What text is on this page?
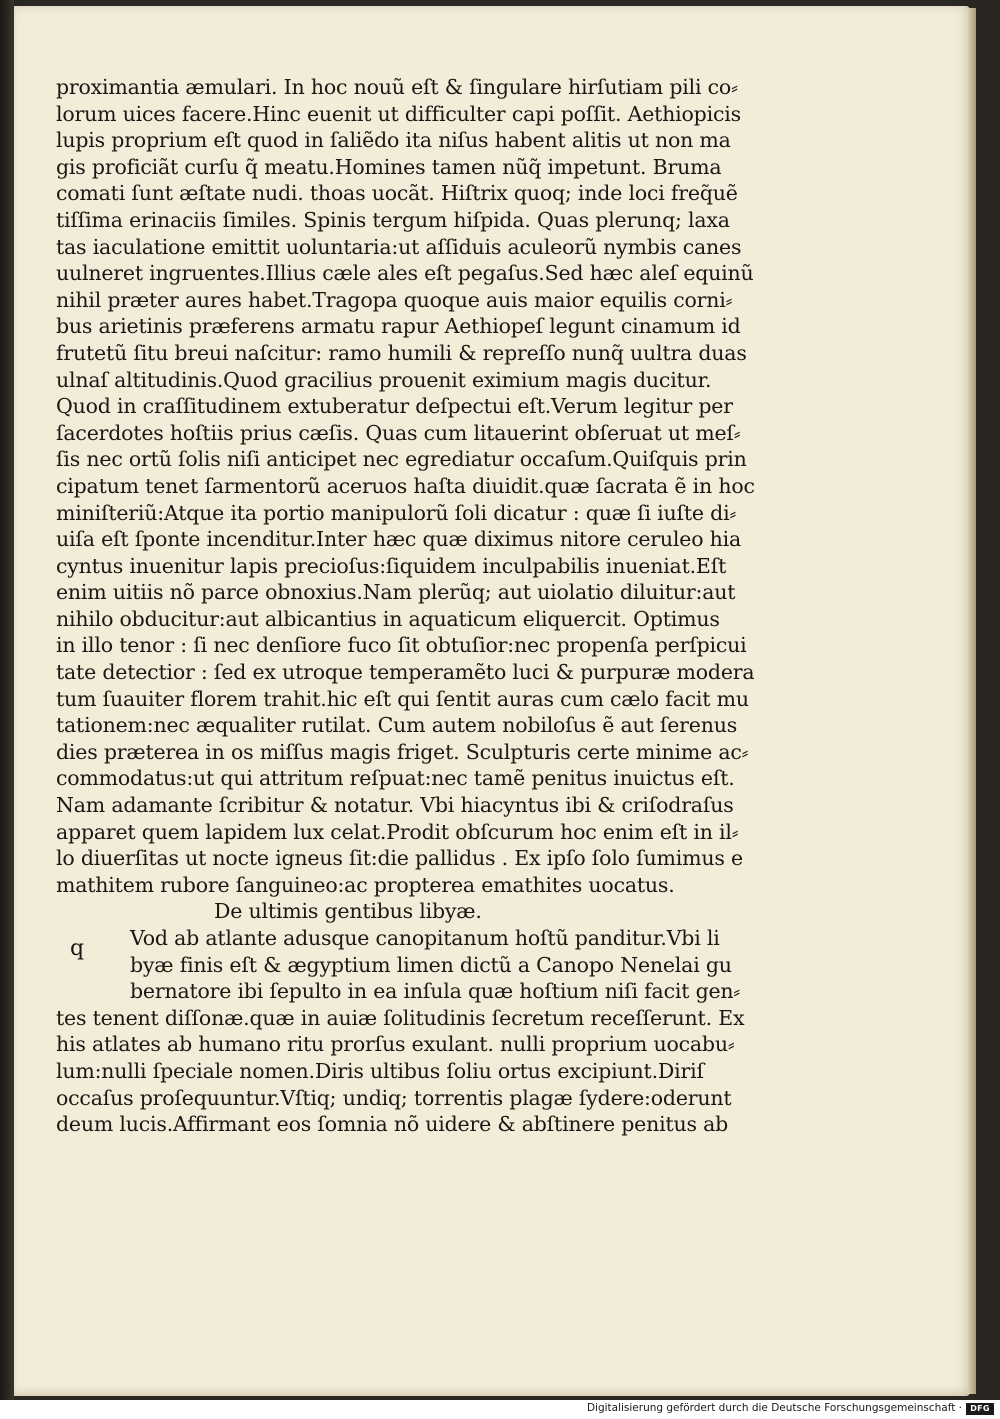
proximantia æmulari. In hoc nouũ eſt & ſingulare hirſutiam pili co⸗
lorum uices facere.Hinc euenit ut difficulter capi poſſit. Aethiopicis
lupis proprium eſt quod in ſaliẽdo ita niſus habent alitis ut non ma
gis proficiãt curſu q̃ meatu.Homines tamen nũq̃ impetunt. Bruma
comati ſunt æſtate nudi. thoas uocãt. Hiſtrix quoq; inde loci freq̃uẽ
tiſſima erinaciis ſimiles. Spinis tergum hiſpida. Quas plerunq; laxa
tas iaculatione emittit uoluntaria:ut aſſiduis aculeorũ nymbis canes
uulneret ingruentes.Illius cæle ales eſt pegaſus.Sed hæc aleſ equinũ
nihil præter aures habet.Tragopa quoque auis maior equilis corni⸗
bus arietinis præferens armatu rapur Aethiopeſ legunt cinamum id
frutetũ ſitu breui naſcitur: ramo humili & repreſſo nunq̃ uultra duas
ulnaſ altitudinis.Quod gracilius prouenit eximium magis ducitur.
Quod in craſſitudinem extuberatur deſpectui eſt.Verum legitur per
ſacerdotes hoſtiis prius cæſis. Quas cum litauerint obſeruat ut meſ⸗
ſis nec ortũ ſolis niſi anticipet nec egrediatur occaſum.Quiſquis prin
cipatum tenet ſarmentorũ aceruos haſta diuidit.quæ ſacrata ẽ in hoc
miniſteriũ:Atque ita portio manipulorũ ſoli dicatur : quæ ſi iuſte di⸗
uiſa eſt ſponte incenditur.Inter hæc quæ diximus nitore ceruleo hia
cyntus inuenitur lapis precioſus:ſiquidem inculpabilis inueniat.Eſt
enim uitiis nõ parce obnoxius.Nam plerũq; aut uiolatio diluitur:aut
nihilo obducitur:aut albicantius in aquaticum eliquercit. Optimus
in illo tenor : ſi nec denſiore fuco ſit obtuſior:nec propenſa perſpicui
tate detectior : ſed ex utroque temperamẽto luci & purpuræ modera
tum ſuauiter florem trahit.hic eſt qui ſentit auras cum cælo facit mu
tationem:nec æqualiter rutilat. Cum autem nobiloſus ẽ aut ſerenus
dies præterea in os miſſus magis friget. Sculpturis certe minime ac⸗
commodatus:ut qui attritum reſpuat:nec tamẽ penitus inuictus eſt.
Nam adamante ſcribitur & notatur. Vbi hiacyntus ibi & criſodraſus
apparet quem lapidem lux celat.Prodit obſcurum hoc enim eſt in il⸗
lo diuerſitas ut nocte igneus ſit:die pallidus . Ex ipſo ſolo ſumimus e
mathitem rubore ſanguineo:ac propterea emathites uocatus.
De ultimis gentibus libyæ.
Vod ab atlante adusque canopitanum hoſtũ panditur.Vbi li
byæ finis eſt & ægyptium limen dictũ a Canopo Nenelai gu
bernatore ibi ſepulto in ea inſula quæ hoſtium niſi facit gen⸗
tes tenent diſſonæ.quæ in auiæ ſolitudinis ſecretum receſſerunt. Ex
his atlates ab humano ritu prorſus exulant. nulli proprium uocabu⸗
lum:nulli ſpeciale nomen.Diris ultibus ſoliu ortus excipiunt.Diriſ
occaſus proſequuntur.Vſtiq; undiq; torrentis plagæ ſydere:oderunt
deum lucis.Affirmant eos ſomnia nõ uidere & abſtinere penitus ab
q
Digitalisierung gefördert durch die Deutsche Forschungsgemeinschaft ·	DFG
